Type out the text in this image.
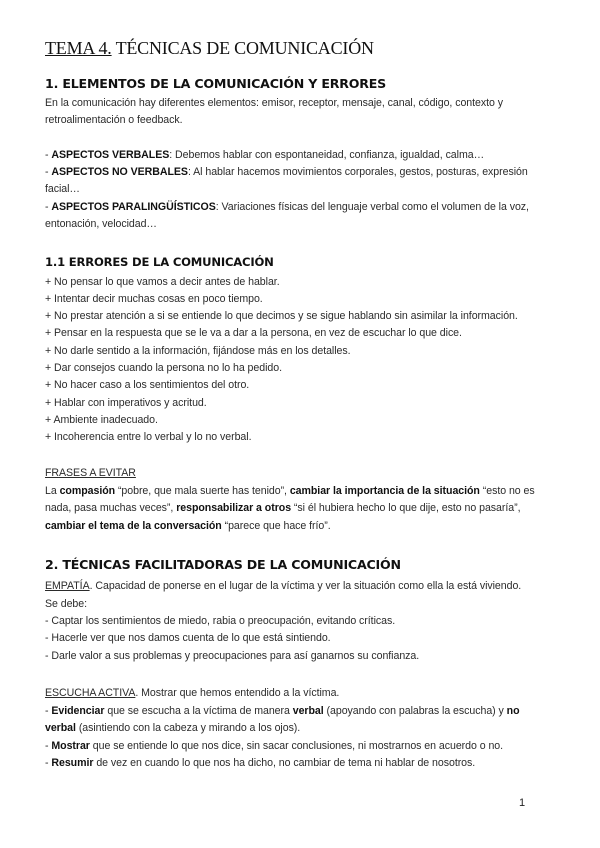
TEMA 4. TÉCNICAS DE COMUNICACIÓN
1. ELEMENTOS DE LA COMUNICACIÓN Y ERRORES
En la comunicación hay diferentes elementos: emisor, receptor, mensaje, canal, código, contexto y
retroalimentación o feedback.
- ASPECTOS VERBALES: Debemos hablar con espontaneidad, confianza, igualdad, calma…
- ASPECTOS NO VERBALES: Al hablar hacemos movimientos corporales, gestos, posturas, expresión
facial…
- ASPECTOS PARALINGÜÍSTICOS: Variaciones físicas del lenguaje verbal como el volumen de la voz,
entonación, velocidad…
1.1 ERRORES DE LA COMUNICACIÓN
+ No pensar lo que vamos a decir antes de hablar.
+ Intentar decir muchas cosas en poco tiempo.
+ No prestar atención a si se entiende lo que decimos y se sigue hablando sin asimilar la información.
+ Pensar en la respuesta que se le va a dar a la persona, en vez de escuchar lo que dice.
+ No darle sentido a la información, fijándose más en los detalles.
+ Dar consejos cuando la persona no lo ha pedido.
+ No hacer caso a los sentimientos del otro.
+ Hablar con imperativos y acritud.
+ Ambiente inadecuado.
+ Incoherencia entre lo verbal y lo no verbal.
FRASES A EVITAR
La compasión “pobre, que mala suerte has tenido”, cambiar la importancia de la situación “esto no es
nada, pasa muchas veces”, responsabilizar a otros “si él hubiera hecho lo que dije, esto no pasaría”,
cambiar el tema de la conversación “parece que hace frío”.
2. TÉCNICAS FACILITADORAS DE LA COMUNICACIÓN
EMPATÍA. Capacidad de ponerse en el lugar de la víctima y ver la situación como ella la está viviendo.
Se debe:
- Captar los sentimientos de miedo, rabia o preocupación, evitando críticas.
- Hacerle ver que nos damos cuenta de lo que está sintiendo.
- Darle valor a sus problemas y preocupaciones para así ganarnos su confianza.
ESCUCHA ACTIVA. Mostrar que hemos entendido a la víctima.
- Evidenciar que se escucha a la víctima de manera verbal (apoyando con palabras la escucha) y no
verbal (asintiendo con la cabeza y mirando a los ojos).
- Mostrar que se entiende lo que nos dice, sin sacar conclusiones, ni mostrarnos en acuerdo o no.
- Resumir de vez en cuando lo que nos ha dicho, no cambiar de tema ni hablar de nosotros.
1
